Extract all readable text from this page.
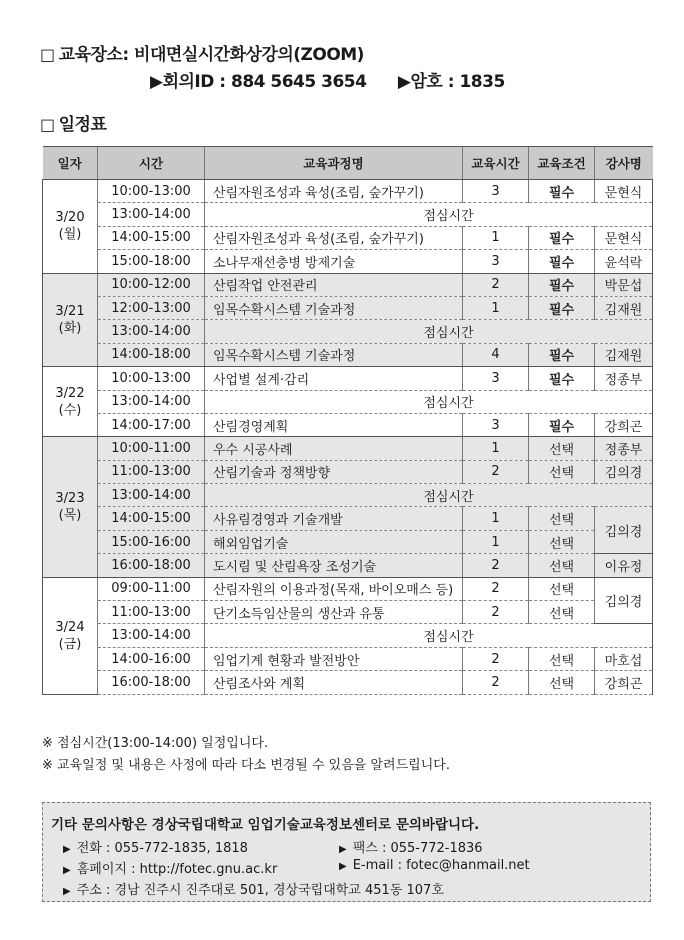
□ 교육장소: 비대면실시간화상강의(ZOOM)
▶회의ID : 884 5645 3654 ▶암호 : 1835
□ 일정표
일자	시간	교육과정명	교육시간	교육조건	강사명

3/20
(월)	10:00-13:00	산림자원조성과 육성(조림, 숲가꾸기)	3	필수	문현식
	13:00-14:00	점심시간			
	14:00-15:00	산림자원조성과 육성(조림, 숲가꾸기)	1	필수	문현식
	15:00-18:00	소나무재선충병 방제기술	3	필수	윤석락

3/21
(화)	10:00-12:00	산림작업 안전관리	2	필수	박문섭
	12:00-13:00	임목수확시스템 기술과정	1	필수	김재원
	13:00-14:00	점심시간			
	14:00-18:00	임목수확시스템 기술과정	4	필수	김재원

3/22
(수)	10:00-13:00	사업별 설계·감리	3	필수	정종부
	13:00-14:00	점심시간			
	14:00-17:00	산림경영계획	3	필수	강희곤

3/23
(목)	10:00-11:00	우수 시공사례	1	선택	정종부
	11:00-13:00	산림기술과 정책방향	2	선택	김의경
	13:00-14:00	점심시간			
	14:00-15:00	사유림경영과 기술개발	1	선택	김의경
	15:00-16:00	해외임업기술	1	선택	
	16:00-18:00	도시림 및 산림욕장 조성기술	2	선택	이유정

3/24
(금)	09:00-11:00	산림자원의 이용과정(목재, 바이오매스 등)	2	선택	김의경
	11:00-13:00	단기소득임산물의 생산과 유통	2	선택	
	13:00-14:00	점심시간			
	14:00-16:00	임업기계 현황과 발전방안	2	선택	마호섭
	16:00-18:00	산림조사와 계획	2	선택	강희곤
※ 점심시간(13:00-14:00) 일정입니다.
※ 교육일정 및 내용은 사정에 따라 다소 변경될 수 있음을 알려드립니다.
기타 문의사항은 경상국립대학교 임업기술교육정보센터로 문의바랍니다.
▶ 전화 : 055-772-1835, 1818	▶ 팩스 : 055-772-1836
▶ 홈페이지 : http://fotec.gnu.ac.kr	▶ E-mail : fotec@hanmail.net
▶ 주소 : 경남 진주시 진주대로 501, 경상국립대학교 451동 107호
